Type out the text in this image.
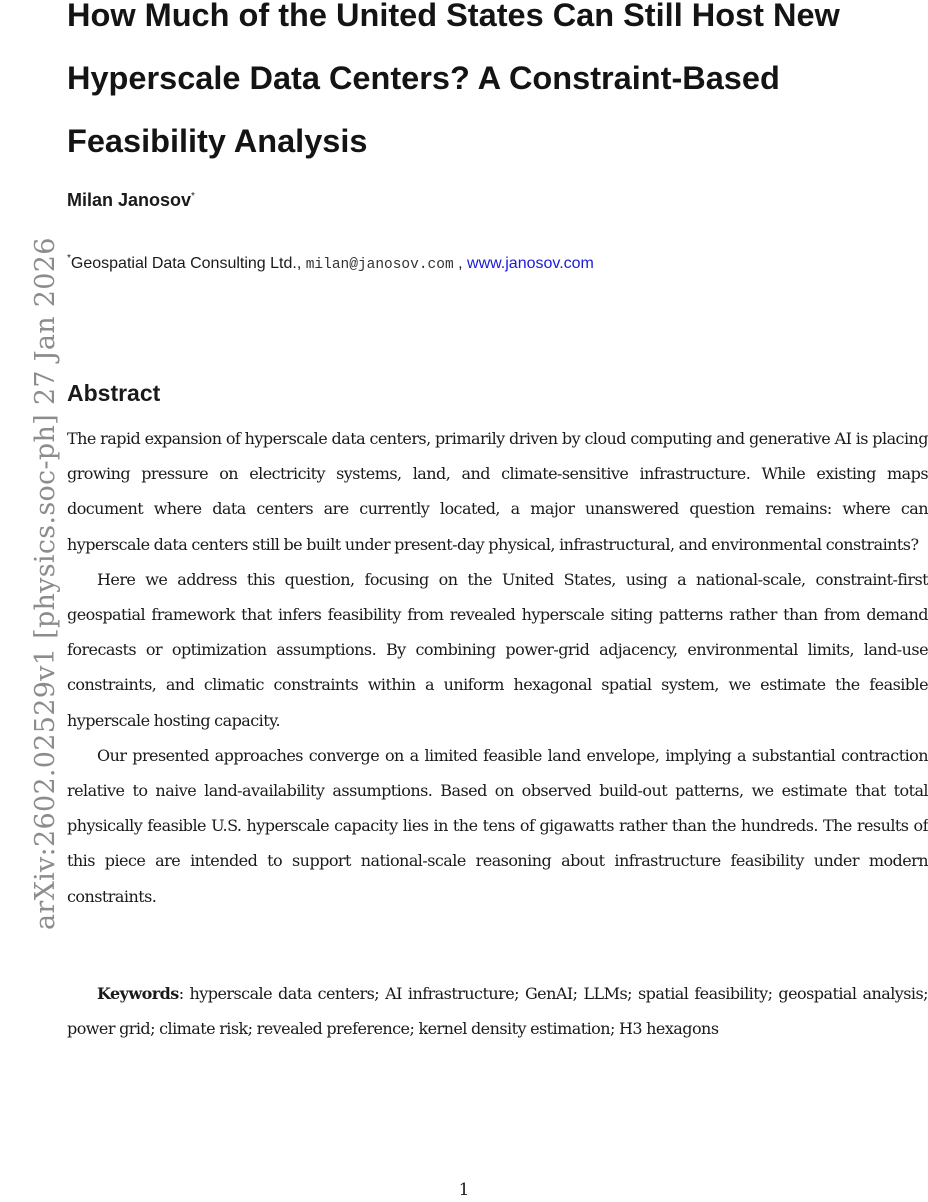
arXiv:2602.02529v1 [physics.soc-ph] 27 Jan 2026
How Much of the United States Can Still Host New Hyperscale Data Centers? A Constraint-Based Feasibility Analysis
Milan Janosov*
*Geospatial Data Consulting Ltd., milan@janosov.com , www.janosov.com
Abstract

The rapid expansion of hyperscale data centers, primarily driven by cloud computing and generative AI is placing growing pressure on electricity systems, land, and climate-sensitive infrastructure. While existing maps document where data centers are currently located, a major unanswered question remains: where can hyperscale data centers still be built under present-day physical, infrastructural, and environmental constraints?

Here we address this question, focusing on the United States, using a national-scale, constraint-first geospatial framework that infers feasibility from revealed hyperscale siting patterns rather than from demand forecasts or optimization assumptions. By combining power-grid adjacency, environmental limits, land-use constraints, and climatic constraints within a uniform hexagonal spatial system, we estimate the feasible hyperscale hosting capacity.

Our presented approaches converge on a limited feasible land envelope, implying a substantial contraction relative to naive land-availability assumptions. Based on observed build-out patterns, we estimate that total physically feasible U.S. hyperscale capacity lies in the tens of gigawatts rather than the hundreds. The results of this piece are intended to support national-scale reasoning about infrastructure feasibility under modern constraints.

Keywords: hyperscale data centers; AI infrastructure; GenAI; LLMs; spatial feasibility; geospatial analysis; power grid; climate risk; revealed preference; kernel density estimation; H3 hexagons

1
